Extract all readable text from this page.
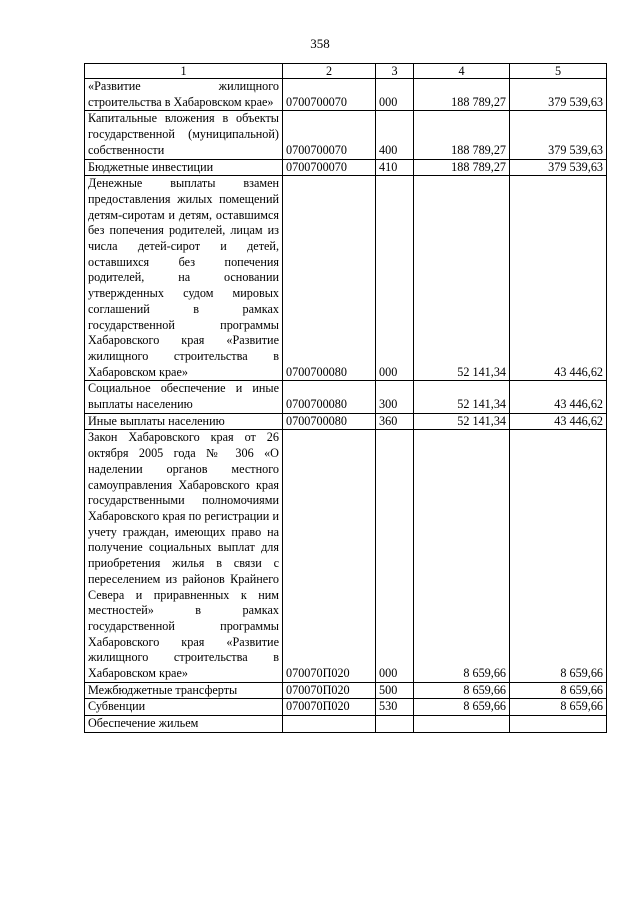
358
1	2	3	4	5

«Развитие жилищного строительства в Хабаровском крае»	0700700070	000	188 789,27	379 539,63

Капитальные вложения в объекты государственной (муниципальной) собственности	0700700070	400	188 789,27	379 539,63

Бюджетные инвестиции	0700700070	410	188 789,27	379 539,63

Денежные выплаты взамен предоставления жилых помещений детям-сиротам и детям, оставшимся без попечения родителей, лицам из числа детей-сирот и детей, оставшихся без попечения родителей, на основании утвержденных судом мировых соглашений в рамках государственной программы Хабаровского края «Развитие жилищного строительства в Хабаровском крае»	0700700080	000	52 141,34	43 446,62

Социальное обеспечение и иные выплаты населению	0700700080	300	52 141,34	43 446,62

Иные выплаты населению	0700700080	360	52 141,34	43 446,62

Закон Хабаровского края от 26 октября 2005 года № 306 «О наделении органов местного самоуправления Хабаровского края государственными полномочиями Хабаровского края по регистрации и учету граждан, имеющих право на получение социальных выплат для приобретения жилья в связи с переселением из районов Крайнего Севера и приравненных к ним местностей» в рамках государственной программы Хабаровского края «Развитие жилищного строительства в Хабаровском крае»	070070П020	000	8 659,66	8 659,66

Межбюджетные трансферты	070070П020	500	8 659,66	8 659,66

Субвенции	070070П020	530	8 659,66	8 659,66

Обеспечение жильем				
